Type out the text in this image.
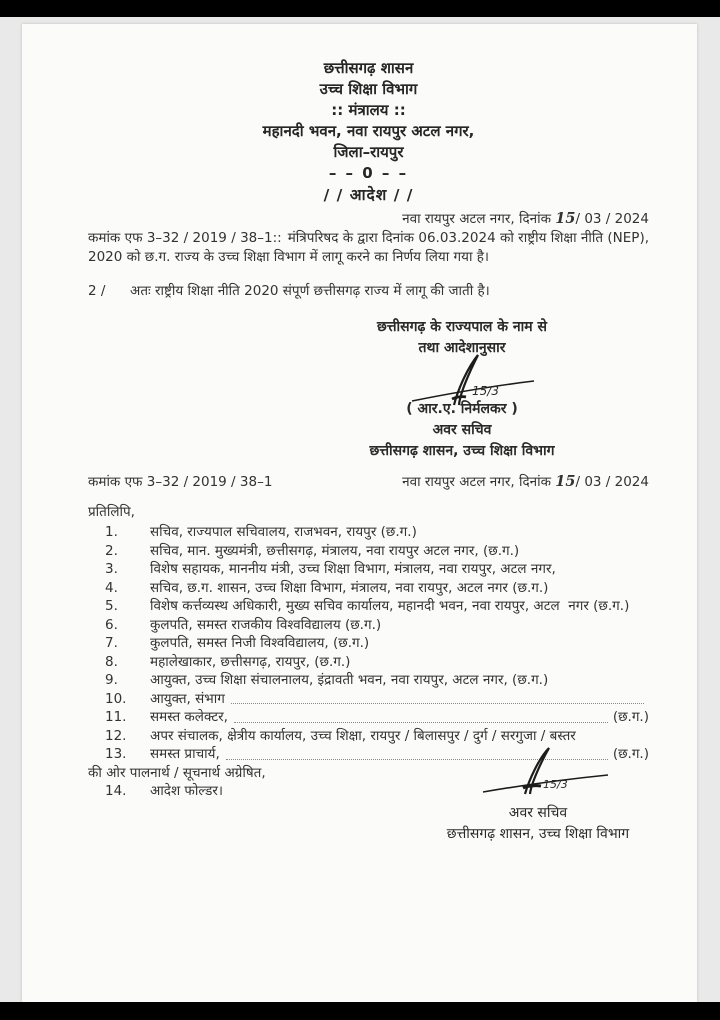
छत्तीसगढ़ शासन
उच्च शिक्षा विभाग
:: मंत्रालय ::
महानदी भवन, नवा रायपुर अटल नगर,
जिला–रायपुर
– – 0 – –
/ / आदेश / /
नवा रायपुर अटल नगर, दिनांक 15/ 03 / 2024
कमांक एफ 3–32 / 2019 / 38–1:: मंत्रिपरिषद के द्वारा दिनांक 06.03.2024 को राष्ट्रीय शिक्षा नीति (NEP), 2020 को छ.ग. राज्य के उच्च शिक्षा विभाग में लागू करने का निर्णय लिया गया है।
2 /	अतः राष्ट्रीय शिक्षा नीति 2020 संपूर्ण छत्तीसगढ़ राज्य में लागू की जाती है।
छत्तीसगढ़ के राज्यपाल के नाम से
तथा आदेशानुसार
15/3
( आर.ए. निर्मलकर )
अवर सचिव
छत्तीसगढ़ शासन, उच्च शिक्षा विभाग
कमांक एफ 3–32 / 2019 / 38–1	नवा रायपुर अटल नगर, दिनांक 15/ 03 / 2024
प्रतिलिपि,
1.	सचिव, राज्यपाल सचिवालय, राजभवन, रायपुर (छ.ग.)
2.	सचिव, मान. मुख्यमंत्री, छत्तीसगढ़, मंत्रालय, नवा रायपुर अटल नगर, (छ.ग.)
3.	विशेष सहायक, माननीय मंत्री, उच्च शिक्षा विभाग, मंत्रालय, नवा रायपुर, अटल नगर,
4.	सचिव, छ.ग. शासन, उच्च शिक्षा विभाग, मंत्रालय, नवा रायपुर, अटल नगर (छ.ग.)
5.	विशेष कर्त्तव्यस्थ अधिकारी, मुख्य सचिव कार्यालय, महानदी भवन, नवा रायपुर, अटल  नगर (छ.ग.)
6.	कुलपति, समस्त राजकीय विश्वविद्यालय (छ.ग.)
7.	कुलपति, समस्त निजी विश्वविद्यालय, (छ.ग.)
8.	महालेखाकार, छत्तीसगढ़, रायपुर, (छ.ग.)
9.	आयुक्त, उच्च शिक्षा संचालनालय, इंद्रावती भवन, नवा रायपुर, अटल नगर, (छ.ग.)
10.	आयुक्त, संभाग
11.	समस्त कलेक्टर,	(छ.ग.)
12.	अपर संचालक, क्षेत्रीय कार्यालय, उच्च शिक्षा, रायपुर / बिलासपुर / दुर्ग / सरगुजा / बस्तर
13.	समस्त प्राचार्य,	(छ.ग.)
की ओर पालनार्थ / सूचनार्थ अग्रेषित,
14.	आदेश फोल्डर।	15/3
अवर सचिव
छत्तीसगढ़ शासन, उच्च शिक्षा विभाग
